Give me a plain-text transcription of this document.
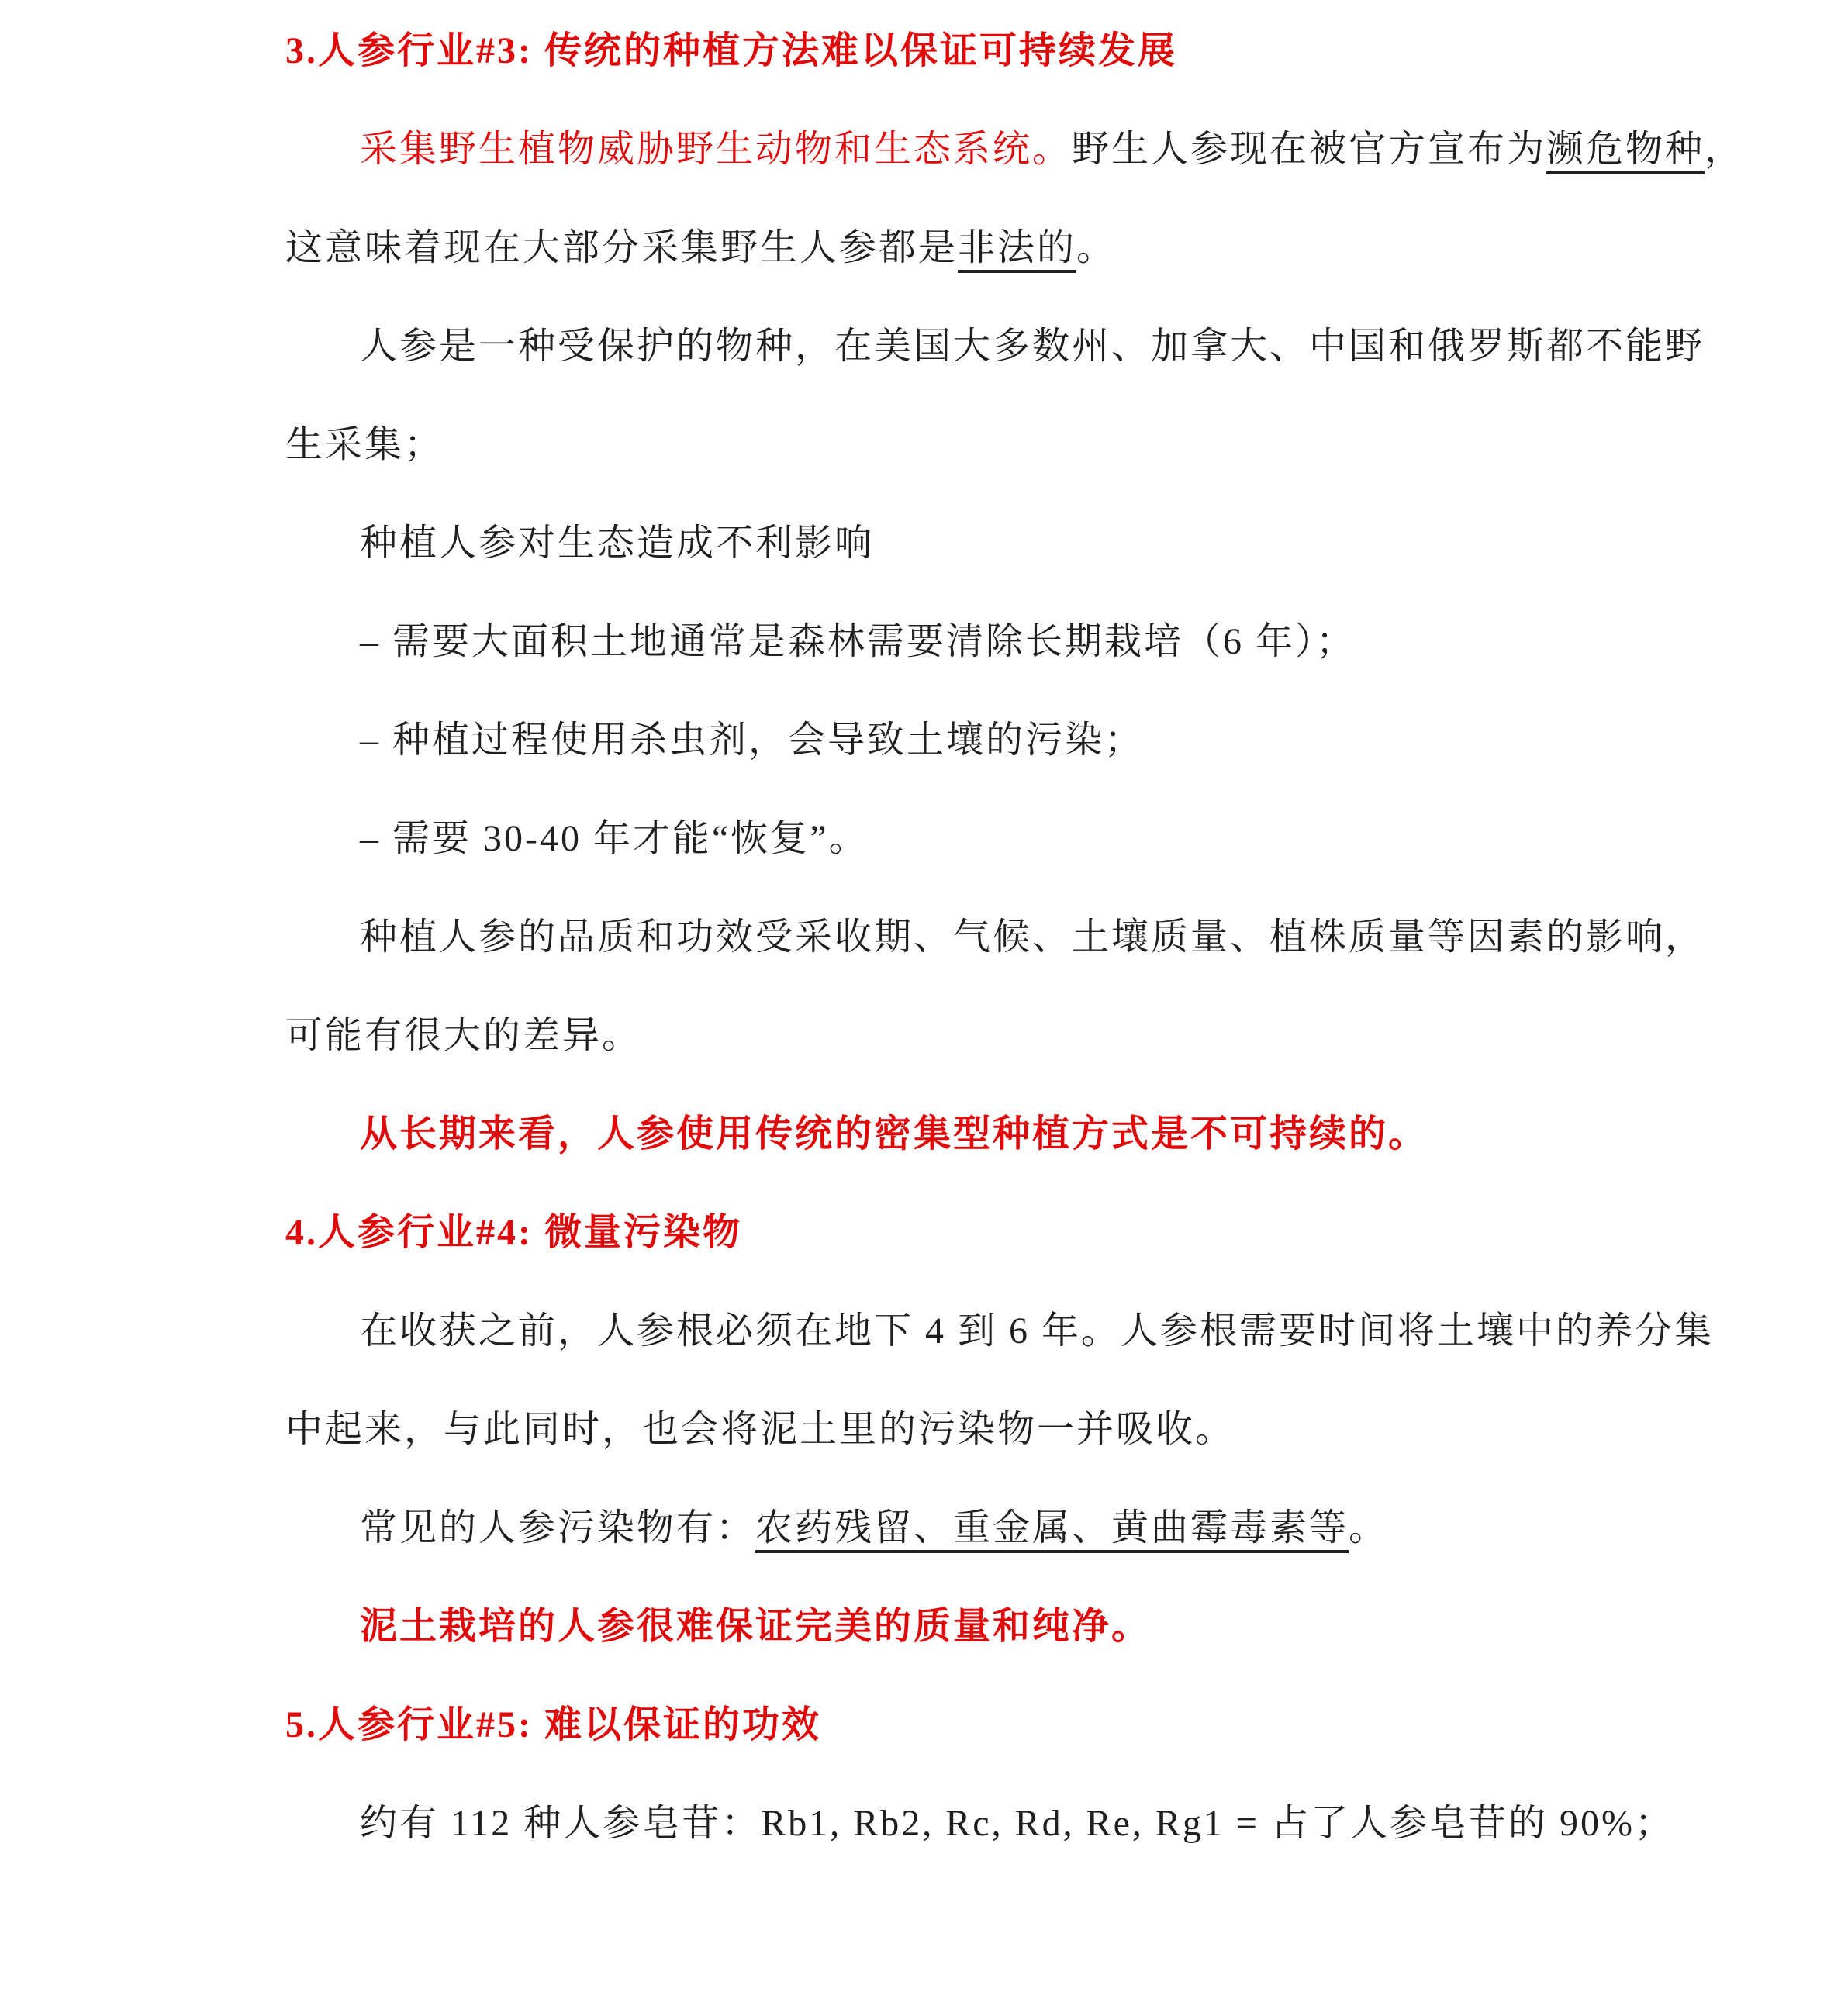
3.人参行业#3: 传统的种植方法难以保证可持续发展

采集野生植物威胁野生动物和生态系统。野生人参现在被官方宣布为濒危物种，

这意味着现在大部分采集野生人参都是非法的。

人参是一种受保护的物种，在美国大多数州、加拿大、中国和俄罗斯都不能野

生采集；

种植人参对生态造成不利影响

– 需要大面积土地通常是森林需要清除长期栽培（6 年）；

– 种植过程使用杀虫剂，会导致土壤的污染；

– 需要 30-40 年才能“恢复”。

种植人参的品质和功效受采收期、气候、土壤质量、植株质量等因素的影响，

可能有很大的差异。

从长期来看，人参使用传统的密集型种植方式是不可持续的。

4.人参行业#4: 微量污染物

在收获之前，人参根必须在地下 4 到 6 年。人参根需要时间将土壤中的养分集

中起来，与此同时，也会将泥土里的污染物一并吸收。

常见的人参污染物有：农药残留、重金属、黄曲霉毒素等。

泥土栽培的人参很难保证完美的质量和纯净。

5.人参行业#5: 难以保证的功效

约有 112 种人参皂苷：Rb1, Rb2, Rc, Rd, Re, Rg1 = 占了人参皂苷的 90%；
